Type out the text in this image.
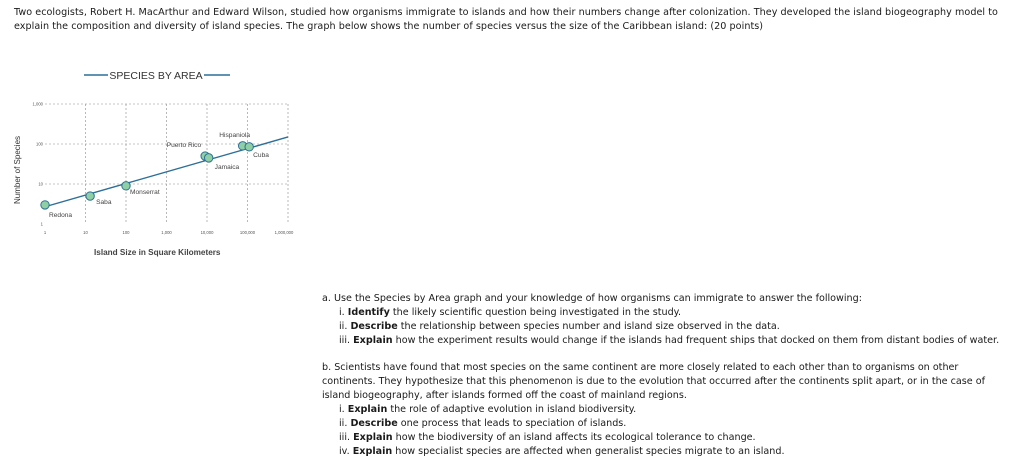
Two ecologists, Robert H. MacArthur and Edward Wilson, studied how organisms immigrate to islands and how their numbers change after colonization. They developed the island biogeography model to explain the composition and diversity of island species. The graph below shows the number of species versus the size of the Caribbean island: (20 points)
SPECIES BY AREA
Number of Species
Island Size in Square Kilometers
1	10	100	1,000	10,000	100,000	1,000,000
1
10
100
1,000
Redona
Saba
Monserrat
Puerto Rico
Jamaica
Hispaniola
Cuba
a. Use the Species by Area graph and your knowledge of how organisms can immigrate to answer the following:
i. Identify the likely scientific question being investigated in the study.
ii. Describe the relationship between species number and island size observed in the data.
iii. Explain how the experiment results would change if the islands had frequent ships that docked on them from distant bodies of water.
b. Scientists have found that most species on the same continent are more closely related to each other than to organisms on other continents. They hypothesize that this phenomenon is due to the evolution that occurred after the continents split apart, or in the case of island biogeography, after islands formed off the coast of mainland regions.
i. Explain the role of adaptive evolution in island biodiversity.
ii. Describe one process that leads to speciation of islands.
iii. Explain how the biodiversity of an island affects its ecological tolerance to change.
iv. Explain how specialist species are affected when generalist species migrate to an island.
